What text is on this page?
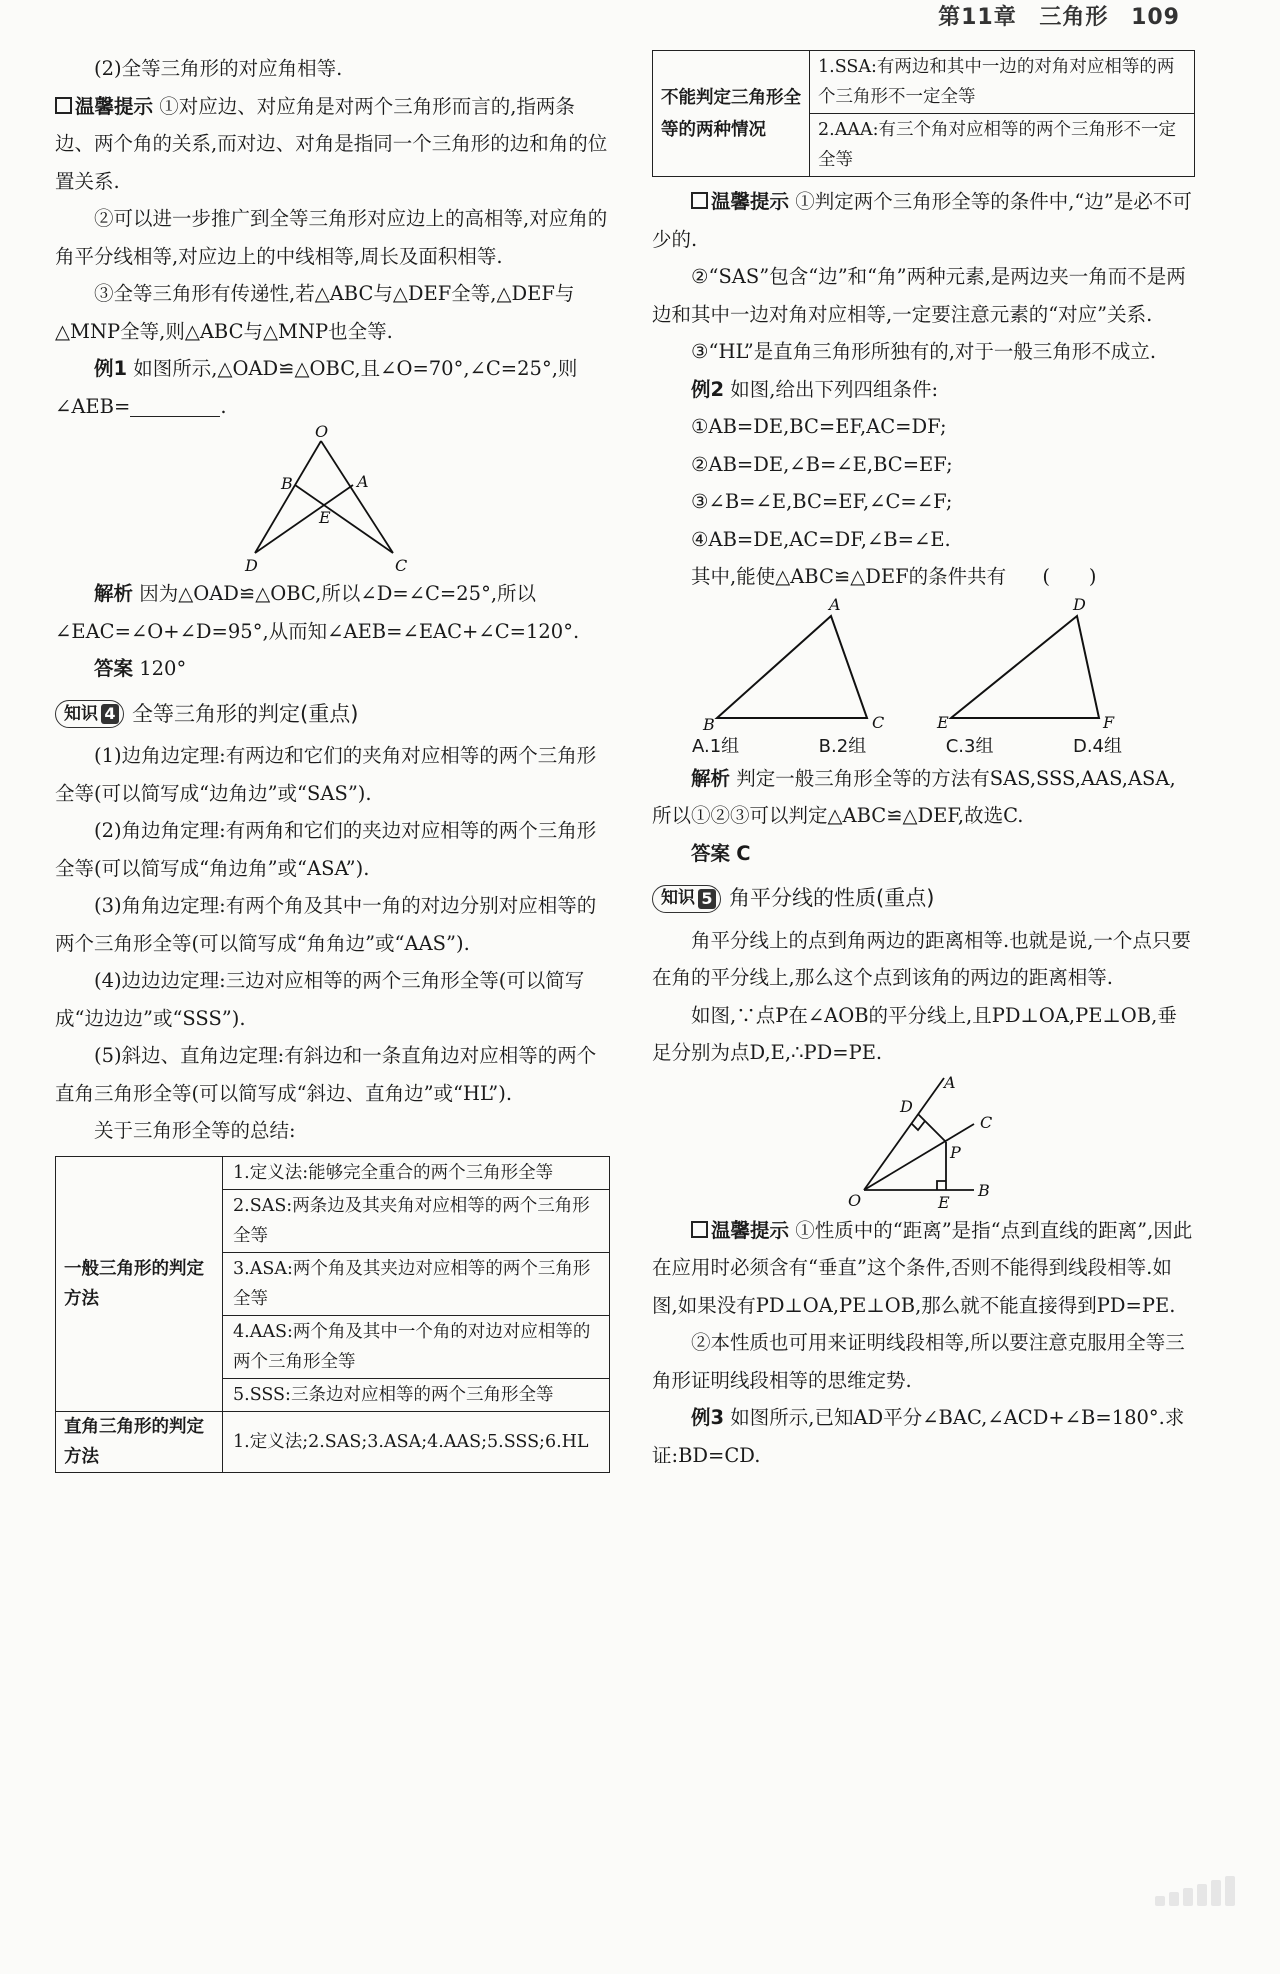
第11章 三角形 109

(2)全等三角形的对应角相等.

温馨提示 ①对应边、对应角是对两个三角形而言的,指两条边、两个角的关系,而对边、对角是指同一个三角形的边和角的位置关系.

②可以进一步推广到全等三角形对应边上的高相等,对应角的角平分线相等,对应边上的中线相等,周长及面积相等.

③全等三角形有传递性,若△ABC与△DEF全等,△DEF与△MNP全等,则△ABC与△MNP也全等.

例1 如图所示,△OAD≌△OBC,且∠O=70°,∠C=25°,则∠AEB=	.

O
B	A
E
D	C

解析 因为△OAD≌△OBC,所以∠D=∠C=25°,所以∠EAC=∠O+∠D=95°,从而知∠AEB=∠EAC+∠C=120°.

答案 120°

知识 4 全等三角形的判定(重点)

(1)边角边定理:有两边和它们的夹角对应相等的两个三角形全等(可以简写成“边角边”或“SAS”).

(2)角边角定理:有两角和它们的夹边对应相等的两个三角形全等(可以简写成“角边角”或“ASA”).

(3)角角边定理:有两个角及其中一角的对边分别对应相等的两个三角形全等(可以简写成“角角边”或“AAS”).

(4)边边边定理:三边对应相等的两个三角形全等(可以简写成“边边边”或“SSS”).

(5)斜边、直角边定理:有斜边和一条直角边对应相等的两个直角三角形全等(可以简写成“斜边、直角边”或“HL”).

关于三角形全等的总结:

一般三角形的判定方法	1.定义法:能够完全重合的两个三角形全等
	2.SAS:两条边及其夹角对应相等的两个三角形全等
	3.ASA:两个角及其夹边对应相等的两个三角形全等
	4.AAS:两个角及其中一个角的对边对应相等的两个三角形全等
	5.SSS:三条边对应相等的两个三角形全等
直角三角形的判定方法	1.定义法;2.SAS;3.ASA;4.AAS;5.SSS;6.HL
不能判定三角形全等的两种情况	1.SSA:有两边和其中一边的对角对应相等的两个三角形不一定全等
2.AAA:有三个角对应相等的两个三角形不一定全等

温馨提示 ①判定两个三角形全等的条件中,“边”是必不可少的.

②“SAS”包含“边”和“角”两种元素,是两边夹一角而不是两边和其中一边对角对应相等,一定要注意元素的“对应”关系.

③“HL”是直角三角形所独有的,对于一般三角形不成立.

例2 如图,给出下列四组条件:

①AB=DE,BC=EF,AC=DF;

②AB=DE,∠B=∠E,BC=EF;

③∠B=∠E,BC=EF,∠C=∠F;

④AB=DE,AC=DF,∠B=∠E.

其中,能使△ABC≌△DEF的条件共有 (　　)

A
B	C
D
E	F
A.1组	B.2组	C.3组	D.4组

解析 判定一般三角形全等的方法有SAS,SSS,AAS,ASA,所以①②③可以判定△ABC≌△DEF,故选C.

答案 C

知识 5 角平分线的性质(重点)

角平分线上的点到角两边的距离相等.也就是说,一个点只要在角的平分线上,那么这个点到该角的两边的距离相等.

如图,∵点P在∠AOB的平分线上,且PD⊥OA,PE⊥OB,垂足分别为点D,E,∴PD=PE.

A
D
C
P
O	E
B

温馨提示 ①性质中的“距离”是指“点到直线的距离”,因此在应用时必须含有“垂直”这个条件,否则不能得到线段相等.如图,如果没有PD⊥OA,PE⊥OB,那么就不能直接得到PD=PE.

②本性质也可用来证明线段相等,所以要注意克服用全等三角形证明线段相等的思维定势.

例3 如图所示,已知AD平分∠BAC,∠ACD+∠B=180°.求证:BD=CD.
